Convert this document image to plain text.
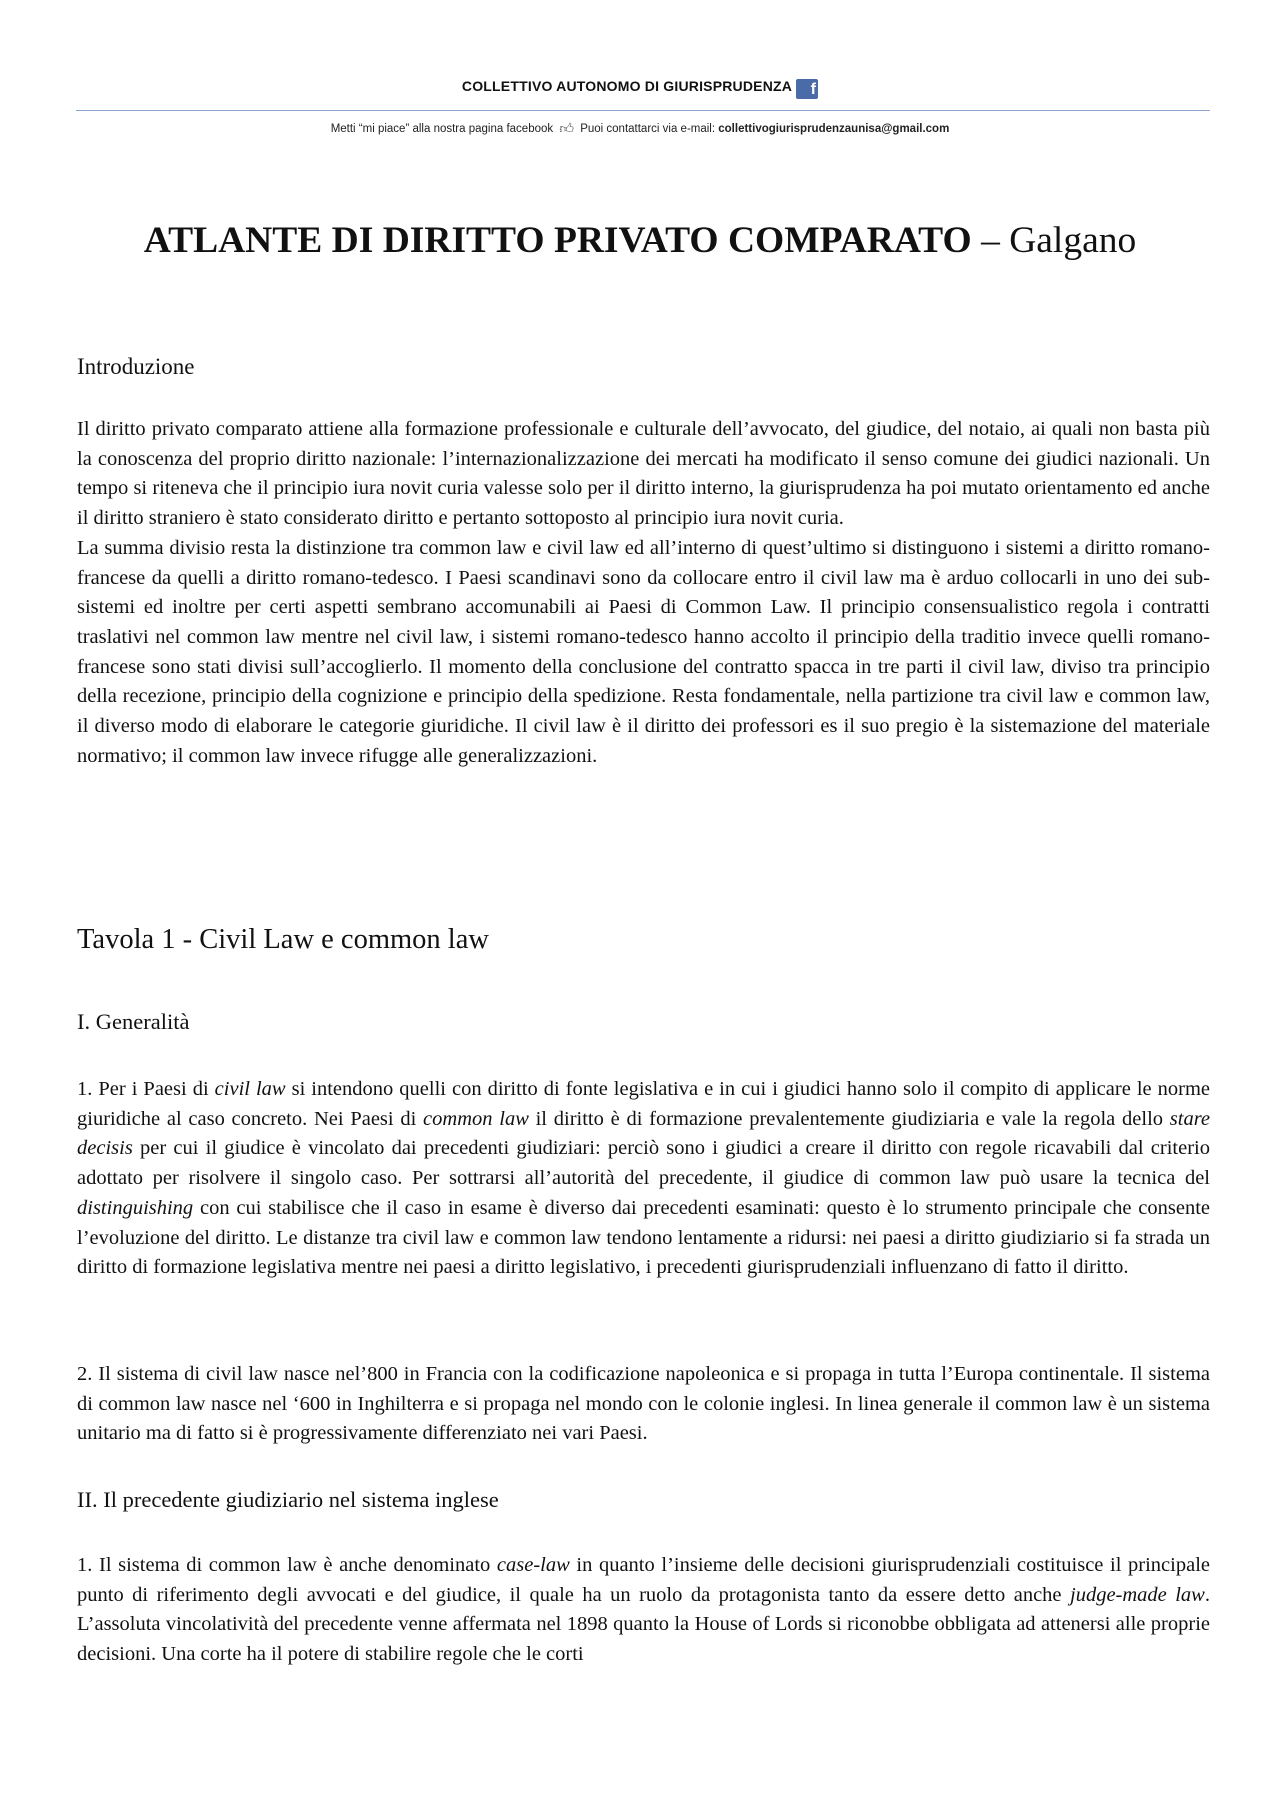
COLLETTIVO AUTONOMO DI GIURISPRUDENZA f
Metti “mi piace” alla nostra pagina facebook 👍︎ Puoi contattarci via e-mail: collettivogiurisprudenzaunisa@gmail.com
ATLANTE DI DIRITTO PRIVATO COMPARATO – Galgano
Introduzione
Il diritto privato comparato attiene alla formazione professionale e culturale dell’avvocato, del giudice, del notaio, ai quali non basta più la conoscenza del proprio diritto nazionale: l’internazionalizzazione dei mercati ha modificato il senso comune dei giudici nazionali. Un tempo si riteneva che il principio iura novit curia valesse solo per il diritto interno, la giurisprudenza ha poi mutato orientamento ed anche il diritto straniero è stato considerato diritto e pertanto sottoposto al principio iura novit curia.
La summa divisio resta la distinzione tra common law e civil law ed all’interno di quest’ultimo si distinguono i sistemi a diritto romano-francese da quelli a diritto romano-tedesco. I Paesi scandinavi sono da collocare entro il civil law ma è arduo collocarli in uno dei sub-sistemi ed inoltre per certi aspetti sembrano accomunabili ai Paesi di Common Law. Il principio consensualistico regola i contratti traslativi nel common law mentre nel civil law, i sistemi romano-tedesco hanno accolto il principio della traditio invece quelli romano-francese sono stati divisi sull’accoglierlo. Il momento della conclusione del contratto spacca in tre parti il civil law, diviso tra principio della recezione, principio della cognizione e principio della spedizione. Resta fondamentale, nella partizione tra civil law e common law, il diverso modo di elaborare le categorie giuridiche. Il civil law è il diritto dei professori es il suo pregio è la sistemazione del materiale normativo; il common law invece rifugge alle generalizzazioni.
Tavola 1 - Civil Law e common law
I. Generalità

1. Per i Paesi di civil law si intendono quelli con diritto di fonte legislativa e in cui i giudici hanno solo il compito di applicare le norme giuridiche al caso concreto. Nei Paesi di common law il diritto è di formazione prevalentemente giudiziaria e vale la regola dello stare decisis per cui il giudice è vincolato dai precedenti giudiziari: perciò sono i giudici a creare il diritto con regole ricavabili dal criterio adottato per risolvere il singolo caso. Per sottrarsi all’autorità del precedente, il giudice di common law può usare la tecnica del distinguishing con cui stabilisce che il caso in esame è diverso dai precedenti esaminati: questo è lo strumento principale che consente l’evoluzione del diritto. Le distanze tra civil law e common law tendono lentamente a ridursi: nei paesi a diritto giudiziario si fa strada un diritto di formazione legislativa mentre nei paesi a diritto legislativo, i precedenti giurisprudenziali influenzano di fatto il diritto.

2. Il sistema di civil law nasce nel’800 in Francia con la codificazione napoleonica e si propaga in tutta l’Europa continentale. Il sistema di common law nasce nel ‘600 in Inghilterra e si propaga nel mondo con le colonie inglesi. In linea generale il common law è un sistema unitario ma di fatto si è progressivamente differenziato nei vari Paesi.

II. Il precedente giudiziario nel sistema inglese

1. Il sistema di common law è anche denominato case-law in quanto l’insieme delle decisioni giurisprudenziali costituisce il principale punto di riferimento degli avvocati e del giudice, il quale ha un ruolo da protagonista tanto da essere detto anche judge-made law. L’assoluta vincolatività del precedente venne affermata nel 1898 quanto la House of Lords si riconobbe obbligata ad attenersi alle proprie decisioni. Una corte ha il potere di stabilire regole che le corti
